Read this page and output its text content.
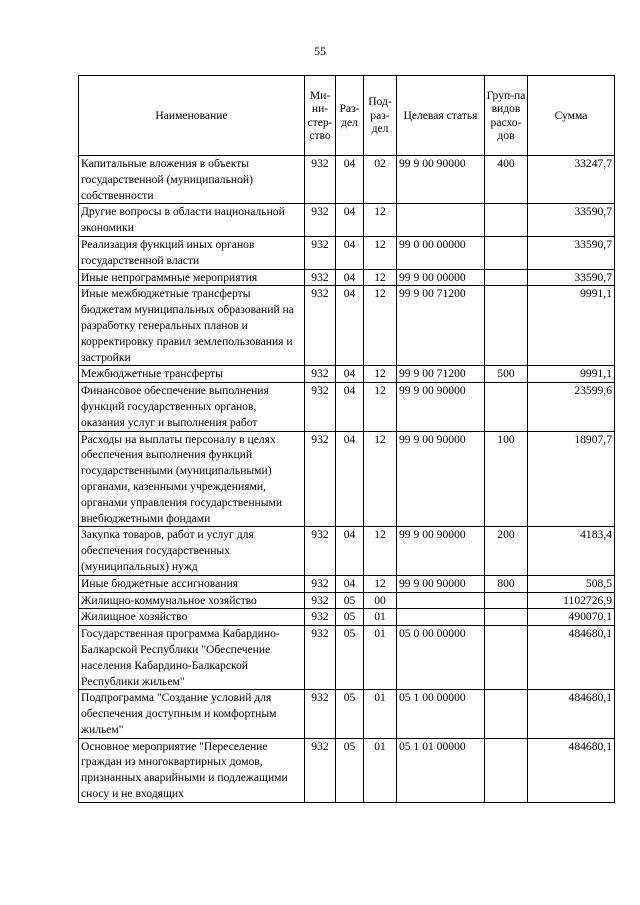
55
Наименование	Ми-ни-стер-ство	Раз-дел	Под-раз-дел	Целевая статья	Груп-па видов расхо-дов	Сумма
Капитальные вложения в объекты государственной (муниципальной) собственности	932	04	02	99 9 00 90000	400	33247,7
Другие вопросы в области национальной экономики	932	04	12			33590,7
Реализация функций иных органов государственной власти	932	04	12	99 0 00 00000		33590,7
Иные непрограммные мероприятия	932	04	12	99 9 00 00000		33590,7
Иные межбюджетные трансферты бюджетам муниципальных образований на разработку генеральных планов и корректировку правил землепользования и застройки	932	04	12	99 9 00 71200		9991,1
Межбюджетные трансферты	932	04	12	99 9 00 71200	500	9991,1
Финансовое обеспечение выполнения функций государственных органов, оказания услуг и выполнения работ	932	04	12	99 9 00 90000		23599,6
Расходы на выплаты персоналу в целях обеспечения выполнения функций государственными (муниципальными) органами, казенными учреждениями, органами управления государственными внебюджетными фондами	932	04	12	99 9 00 90000	100	18907,7
Закупка товаров, работ и услуг для обеспечения государственных (муниципальных) нужд	932	04	12	99 9 00 90000	200	4183,4
Иные бюджетные ассигнования	932	04	12	99 9 00 90000	800	508,5
Жилищно-коммунальное хозяйство	932	05	00			1102726,9
Жилищное хозяйство	932	05	01			490070,1
Государственная программа Кабардино-Балкарской Республики "Обеспечение населения Кабардино-Балкарской Республики жильем"	932	05	01	05 0 00 00000		484680,1
Подпрограмма "Создание условий для обеспечения доступным и комфортным жильем"	932	05	01	05 1 00 00000		484680,1
Основное мероприятие "Переселение граждан из многоквартирных домов, признанных аварийными и подлежащими сносу и не входящих	932	05	01	05 1 01 00000		484680,1
